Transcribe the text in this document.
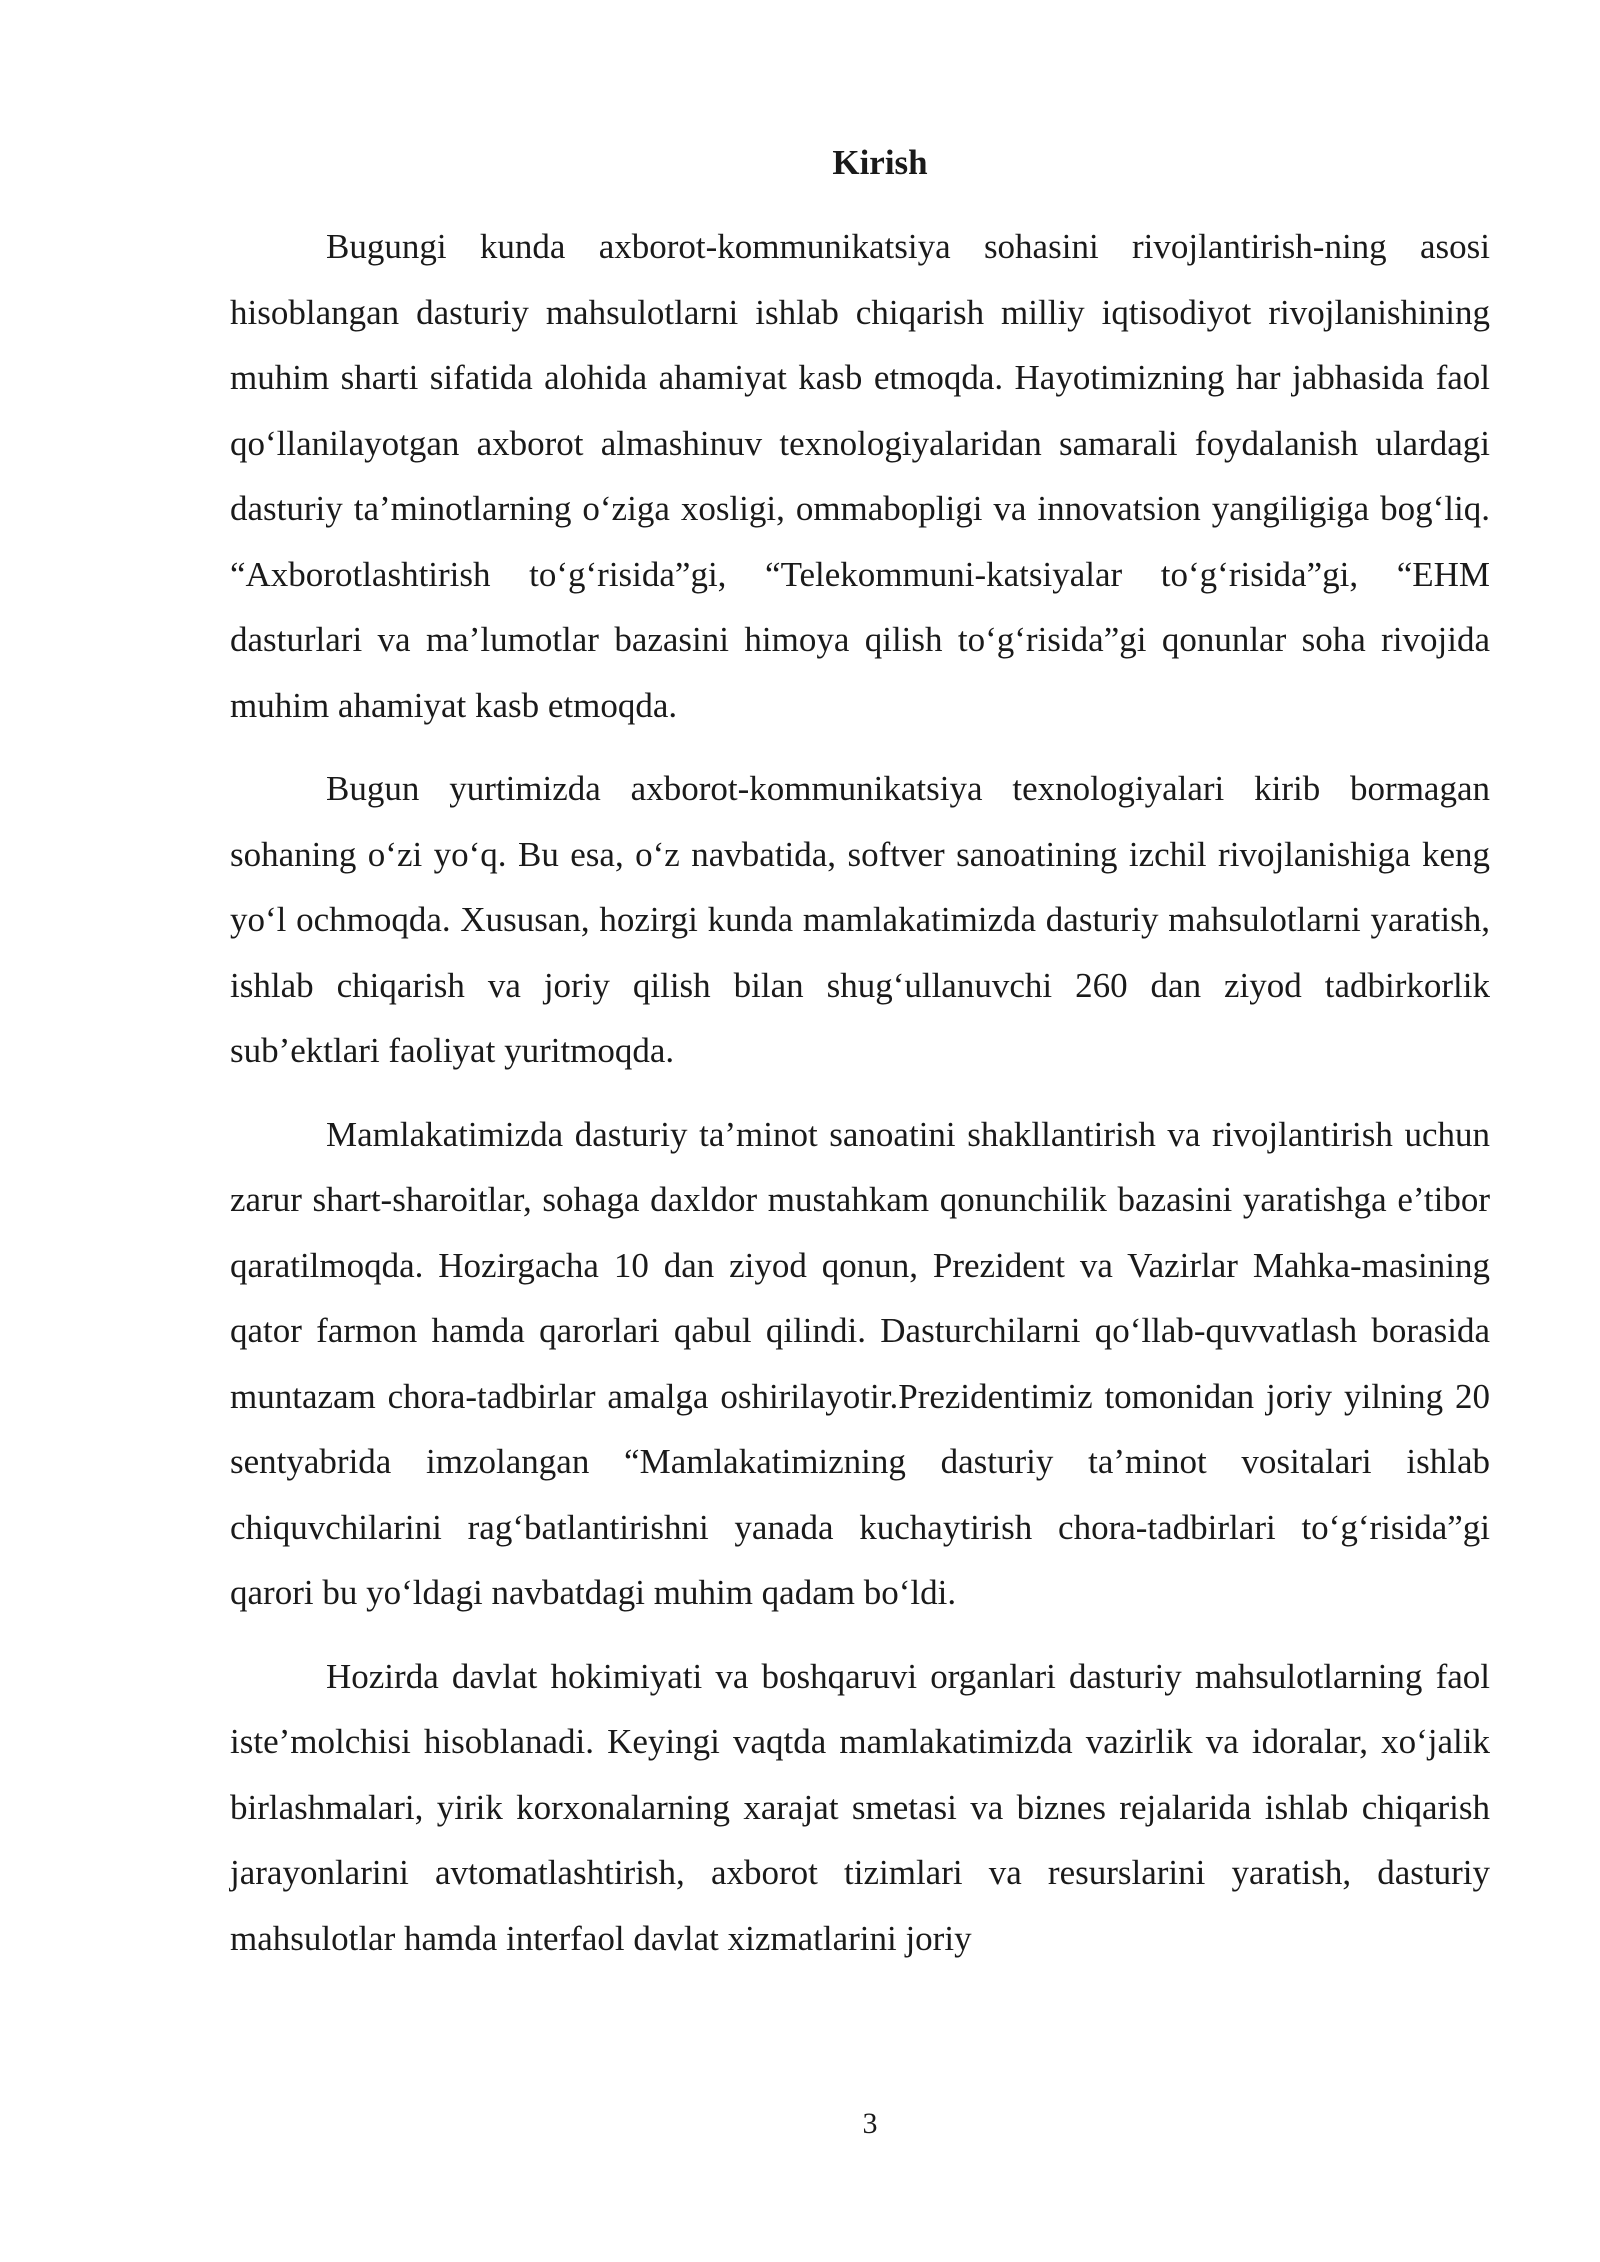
Kirish

Bugungi kunda axborot-kommunikatsiya sohasini rivojlantirish-ning asosi hisoblangan dasturiy mahsulotlarni ishlab chiqarish milliy iqtisodiyot rivojlanishining muhim sharti sifatida alohida ahamiyat kasb etmoqda. Hayotimizning har jabhasida faol qo‘llanilayotgan axborot almashinuv texnologiyalaridan samarali foydalanish ulardagi dasturiy ta’minotlarning o‘ziga xosligi, ommabopligi va innovatsion yangiligiga bog‘liq. “Axborotlashtirish to‘g‘risida”gi, “Telekommuni-katsiyalar to‘g‘risida”gi, “EHM dasturlari va ma’lumotlar bazasini himoya qilish to‘g‘risida”gi qonunlar soha rivojida muhim ahamiyat kasb etmoqda.

Bugun yurtimizda axborot-kommunikatsiya texnologiyalari kirib bormagan sohaning o‘zi yo‘q. Bu esa, o‘z navbatida, softver sanoatining izchil rivojlanishiga keng yo‘l ochmoqda. Xususan, hozirgi kunda mamlakatimizda dasturiy mahsulotlarni yaratish, ishlab chiqarish va joriy qilish bilan shug‘ullanuvchi 260 dan ziyod tadbirkorlik sub’ektlari faoliyat yuritmoqda.

Mamlakatimizda dasturiy ta’minot sanoatini shakllantirish va rivojlantirish uchun zarur shart-sharoitlar, sohaga daxldor mustahkam qonunchilik bazasini yaratishga e’tibor qaratilmoqda. Hozirgacha 10 dan ziyod qonun, Prezident va Vazirlar Mahka-masining qator farmon hamda qarorlari qabul qilindi. Dasturchilarni qo‘llab-quvvatlash borasida muntazam chora-tadbirlar amalga oshirilayotir.Prezidentimiz tomonidan joriy yilning 20 sentyabrida imzolangan “Mamlakatimizning dasturiy ta’minot vositalari ishlab chiquvchilarini rag‘batlantirishni yanada kuchaytirish chora-tadbirlari to‘g‘risida”gi qarori bu yo‘ldagi navbatdagi muhim qadam bo‘ldi.

Hozirda davlat hokimiyati va boshqaruvi organlari dasturiy mahsulotlarning faol iste’molchisi hisoblanadi. Keyingi vaqtda mamlakatimizda vazirlik va idoralar, xo‘jalik birlashmalari, yirik korxonalarning xarajat smetasi va biznes rejalarida ishlab chiqarish jarayonlarini avtomatlashtirish, axborot tizimlari va resurslarini yaratish, dasturiy mahsulotlar hamda interfaol davlat xizmatlarini joriy

3
